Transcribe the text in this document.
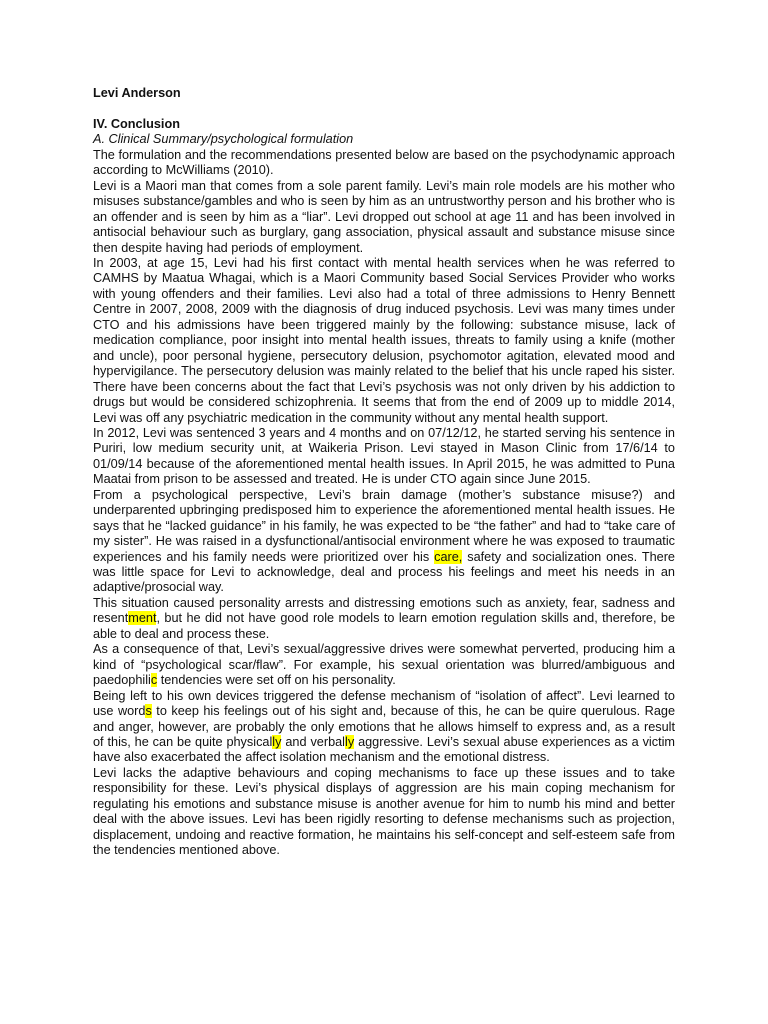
Levi Anderson

IV. Conclusion

A. Clinical Summary/psychological formulation

The formulation and the recommendations presented below are based on the psychodynamic approach according to McWilliams (2010).

Levi is a Maori man that comes from a sole parent family. Levi’s main role models are his mother who misuses substance/gambles and who is seen by him as an untrustworthy person and his brother who is an offender and is seen by him as a “liar”. Levi dropped out school at age 11 and has been involved in antisocial behaviour such as burglary, gang association, physical assault and substance misuse since then despite having had periods of employment.

In 2003, at age 15, Levi had his first contact with mental health services when he was referred to CAMHS by Maatua Whagai, which is a Maori Community based Social Services Provider who works with young offenders and their families. Levi also had a total of three admissions to Henry Bennett Centre in 2007, 2008, 2009 with the diagnosis of drug induced psychosis. Levi was many times under CTO and his admissions have been triggered mainly by the following: substance misuse, lack of medication compliance, poor insight into mental health issues, threats to family using a knife (mother and uncle), poor personal hygiene, persecutory delusion, psychomotor agitation, elevated mood and hypervigilance. The persecutory delusion was mainly related to the belief that his uncle raped his sister. There have been concerns about the fact that Levi’s psychosis was not only driven by his addiction to drugs but would be considered schizophrenia. It seems that from the end of 2009 up to middle 2014, Levi was off any psychiatric medication in the community without any mental health support.

In 2012, Levi was sentenced 3 years and 4 months and on 07/12/12, he started serving his sentence in Puriri, low medium security unit, at Waikeria Prison. Levi stayed in Mason Clinic from 17/6/14 to 01/09/14 because of the aforementioned mental health issues. In April 2015, he was admitted to Puna Maatai from prison to be assessed and treated. He is under CTO again since June 2015.

From a psychological perspective, Levi’s brain damage (mother’s substance misuse?) and underparented upbringing predisposed him to experience the aforementioned mental health issues. He says that he “lacked guidance” in his family, he was expected to be “the father” and had to “take care of my sister”. He was raised in a dysfunctional/antisocial environment where he was exposed to traumatic experiences and his family needs were prioritized over his care, safety and socialization ones. There was little space for Levi to acknowledge, deal and process his feelings and meet his needs in an adaptive/prosocial way.

This situation caused personality arrests and distressing emotions such as anxiety, fear, sadness and resentment, but he did not have good role models to learn emotion regulation skills and, therefore, be able to deal and process these.

As a consequence of that, Levi’s sexual/aggressive drives were somewhat perverted, producing him a kind of “psychological scar/flaw”. For example, his sexual orientation was blurred/ambiguous and paedophilic tendencies were set off on his personality.

Being left to his own devices triggered the defense mechanism of “isolation of affect”. Levi learned to use words to keep his feelings out of his sight and, because of this, he can be quire querulous. Rage and anger, however, are probably the only emotions that he allows himself to express and, as a result of this, he can be quite physically and verbally aggressive. Levi’s sexual abuse experiences as a victim have also exacerbated the affect isolation mechanism and the emotional distress.

Levi lacks the adaptive behaviours and coping mechanisms to face up these issues and to take responsibility for these. Levi’s physical displays of aggression are his main coping mechanism for regulating his emotions and substance misuse is another avenue for him to numb his mind and better deal with the above issues. Levi has been rigidly resorting to defense mechanisms such as projection, displacement, undoing and reactive formation, he maintains his self-concept and self-esteem safe from the tendencies mentioned above.
